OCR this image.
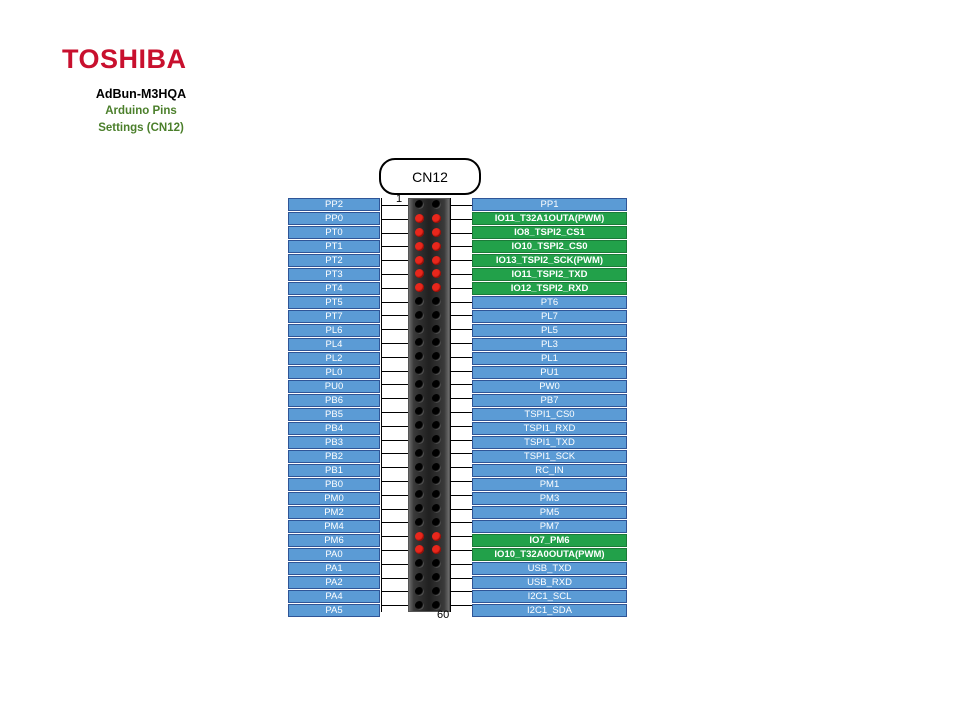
TOSHIBA
AdBun-M3HQA
Arduino Pins
Settings (CN12)
CN12
PP2
PP0
PT0
PT1
PT2
PT3
PT4
PT5
PT7
PL6
PL4
PL2
PL0
PU0
PB6
PB5
PB4
PB3
PB2
PB1
PB0
PM0
PM2
PM4
PM6
PA0
PA1
PA2
PA4
PA5
1
60
PP1
IO11_T32A1OUTA(PWM)
IO8_TSPI2_CS1
IO10_TSPI2_CS0
IO13_TSPI2_SCK(PWM)
IO11_TSPI2_TXD
IO12_TSPI2_RXD
PT6
PL7
PL5
PL3
PL1
PU1
PW0
PB7
TSPI1_CS0
TSPI1_RXD
TSPI1_TXD
TSPI1_SCK
RC_IN
PM1
PM3
PM5
PM7
IO7_PM6
IO10_T32A0OUTA(PWM)
USB_TXD
USB_RXD
I2C1_SCL
I2C1_SDA
